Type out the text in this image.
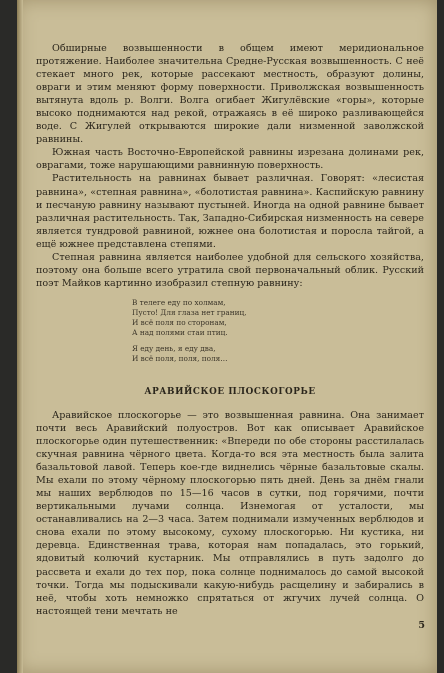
Обширные возвышенности в общем имеют меридиональное протяжение. Наиболее значительна Средне-Русская возвышенность. С неё стекает много рек, которые рассекают местность, образуют долины, овраги и этим меняют форму поверхности. Приволжская возвышенность вытянута вдоль р. Волги. Волга огибает Жигулёвские «горы», которые высоко поднимаются над рекой, отражаясь в её широко разливающейся воде. С Жигулей открываются широкие дали низменной заволжской равнины.

Южная часть Восточно-Европейской равнины изрезана долинами рек, оврагами, тоже нарушающими равнинную поверхность.

Растительность на равнинах бывает различная. Говорят: «лесистая равнина», «степная равнина», «болотистая равнина». Каспийскую равнину и песчаную равнину называют пустыней. Иногда на одной равнине бывает различная растительность. Так, Западно-Сибирская низменность на севере является тундровой равниной, южнее она болотистая и поросла тайгой, а ещё южнее представлена степями.

Степная равнина является наиболее удобной для сельского хозяйства, поэтому она больше всего утратила свой первоначальный облик. Русский поэт Майков картинно изобразил степную равнину:

В телеге еду по холмам,
Пусто! Для глаза нет границ,
И всё поля по сторонам,
А над полями стаи птиц.
Я еду день, я еду два,
И всё поля, поля, поля…
АРАВИЙСКОЕ ПЛОСКОГОРЬЕ

Аравийское плоскогорье — это возвышенная равнина. Она занимает почти весь Аравийский полуостров. Вот как описывает Аравийское плоскогорье один путешественник: «Впереди по обе стороны расстилалась скучная равнина чёрного цвета. Когда-то вся эта местность была залита базальтовой лавой. Теперь кое-где виднелись чёрные базальтовые скалы. Мы ехали по этому чёрному плоскогорью пять дней. День за днём гнали мы наших верблюдов по 15—16 часов в сутки, под горячими, почти вертикальными лучами солнца. Изнемогая от усталости, мы останавливались на 2—3 часа. Затем поднимали измученных верблюдов и снова ехали по этому высокому, сухому плоскогорью. Ни кустика, ни деревца. Единственная трава, которая нам попадалась, это горький, ядовитый колючий кустарник. Мы отправлялись в путь задолго до рассвета и ехали до тех пор, пока солнце поднималось до самой высокой точки. Тогда мы подыскивали какую-нибудь расщелину и забирались в неё, чтобы хоть немножко спрятаться от жгучих лучей солнца. О настоящей тени мечтать не

5
